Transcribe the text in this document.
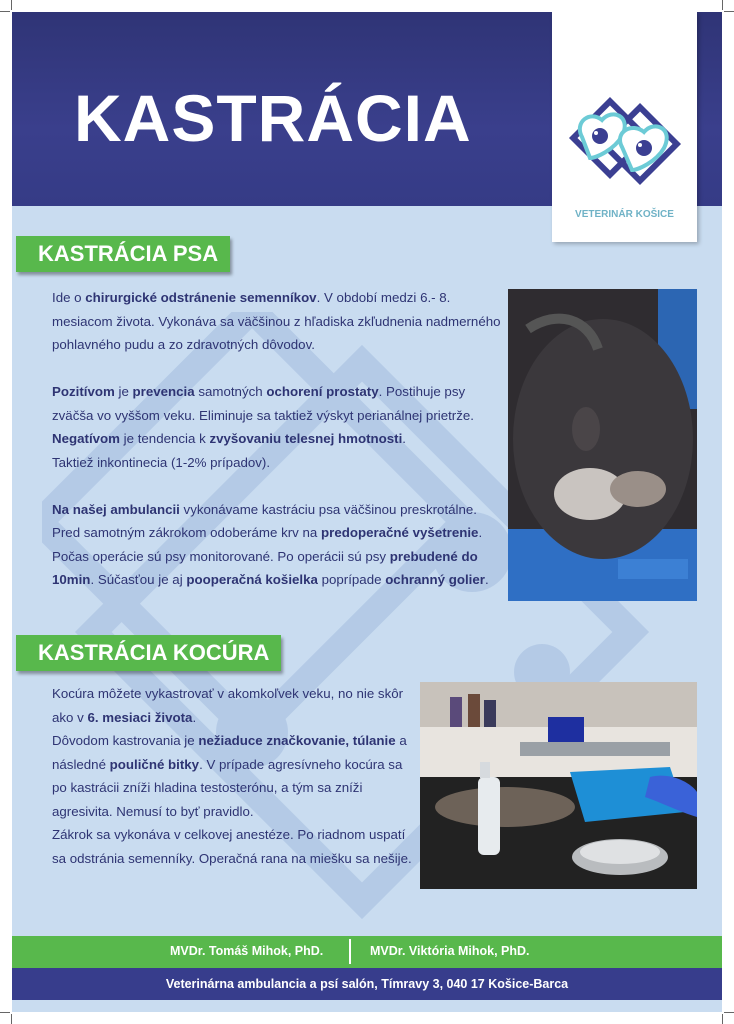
KASTRÁCIA
VETERINÁR KOŠICE
KASTRÁCIA PSA

Ide o chirurgické odstránenie semenníkov. V období medzi 6.- 8. mesiacom života. Vykonáva sa väčšinou z hľadiska zkľudnenia nadmerného pohlavného pudu a zo zdravotných dôvodov.

Pozitívom je prevencia samotných ochorení prostaty. Postihuje psy zväčša vo vyššom veku. Eliminuje sa taktiež výskyt perianálnej prietrže.

Negatívom je tendencia k zvyšovaniu telesnej hmotnosti.

Taktiež inkontinecia (1-2% prípadov).

Na našej ambulancii vykonávame kastráciu psa väčšinou preskrotálne. Pred samotným zákrokom odoberáme krv na predoperačné vyšetrenie. Počas operácie sú psy monitorované. Po operácii sú psy prebudené do 10min. Súčasťou je aj pooperačná košielka poprípade ochranný golier.

KASTRÁCIA KOCÚRA

Kocúra môžete vykastrovať v akomkoľvek veku, no nie skôr ako v 6. mesiaci života.

Dôvodom kastrovania je nežiaduce značkovanie, túlanie a následné pouličné bitky. V prípade agresívneho kocúra sa po kastrácii zníži hladina testosterónu, a tým sa zníži agresivita. Nemusí to byť pravidlo.

Zákrok sa vykonáva v celkovej anestéze. Po riadnom uspatí sa odstránia semenníky. Operačná rana na miešku sa nešije.

MVDr. Tomáš Mihok, PhD.	MVDr. Viktória Mihok, PhD.
Veterinárna ambulancia a psí salón, Tímravy 3, 040 17 Košice-Barca
